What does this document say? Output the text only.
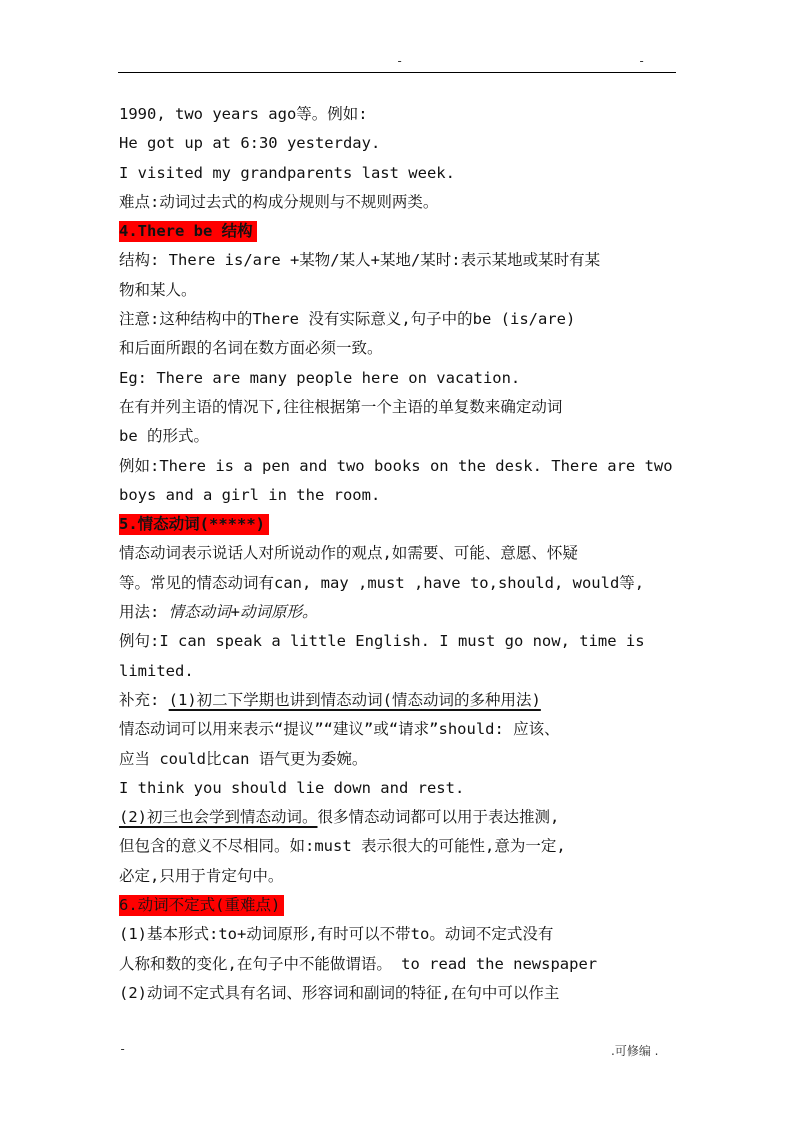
-	-
1990, two years ago等。例如:
He got up at 6:30 yesterday.
I visited my grandparents last week.
难点:动词过去式的构成分规则与不规则两类。
4.There be 结构
结构: There is/are +某物/某人+某地/某时:表示某地或某时有某
物和某人。
注意:这种结构中的There 没有实际意义,句子中的be (is/are)
和后面所跟的名词在数方面必须一致。
Eg: There are many people here on vacation.
在有并列主语的情况下,往往根据第一个主语的单复数来确定动词
be 的形式。
例如:There is a pen and two books on the desk. There are two
boys and a girl in the room.
5.情态动词(*****)
情态动词表示说话人对所说动作的观点,如需要、可能、意愿、怀疑
等。常见的情态动词有can, may ,must ,have to,should, would等,
用法: 情态动词+动词原形。
例句:I can speak a little English. I must go now, time is
limited.
补充: (1)初二下学期也讲到情态动词(情态动词的多种用法)
情态动词可以用来表示“提议”“建议”或“请求”should: 应该、
应当 could比can 语气更为委婉。
I think you should lie down and rest.
(2)初三也会学到情态动词。很多情态动词都可以用于表达推测,
但包含的意义不尽相同。如:must 表示很大的可能性,意为一定,
必定,只用于肯定句中。
6.动词不定式(重难点)
(1)基本形式:to+动词原形,有时可以不带to。动词不定式没有
人称和数的变化,在句子中不能做谓语。 to read the newspaper
(2)动词不定式具有名词、形容词和副词的特征,在句中可以作主
-	.可修编 .
